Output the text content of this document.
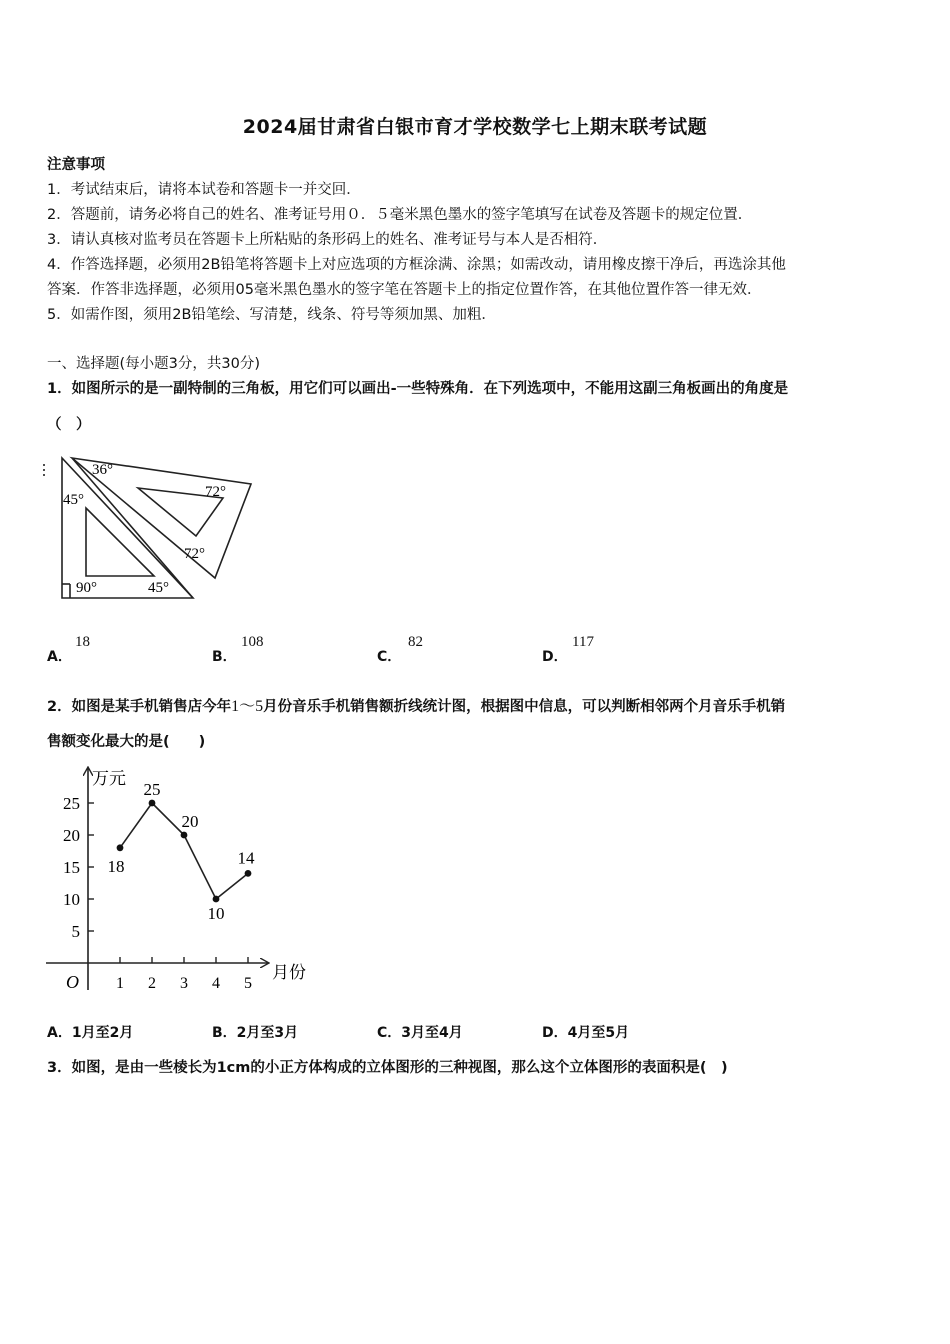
2024届甘肃省白银市育才学校数学七上期末联考试题
注意事项
1．考试结束后，请将本试卷和答题卡一并交回．
2．答题前，请务必将自己的姓名、准考证号用０．５毫米黑色墨水的签字笔填写在试卷及答题卡的规定位置．
3．请认真核对监考员在答题卡上所粘贴的条形码上的姓名、准考证号与本人是否相符．
4．作答选择题，必须用2B铅笔将答题卡上对应选项的方框涂满、涂黑；如需改动，请用橡皮擦干净后，再选涂其他
答案．作答非选择题，必须用05毫米黑色墨水的签字笔在答题卡上的指定位置作答，在其他位置作答一律无效．
5．如需作图，须用2B铅笔绘、写清楚，线条、符号等须加黑、加粗．
一、选择题(每小题3分，共30分)
1．如图所示的是一副特制的三角板，用它们可以画出-一些特殊角．在下列选项中，不能用这副三角板画出的角度是
（　）
36°
72°
45°
72°
90°	45°
A．
18
B．
108
C．
82
D．
117
2．如图是某手机销售店今年1～5月份音乐手机销售额折线统计图，根据图中信息，可以判断相邻两个月音乐手机销
售额变化最大的是(　　)
万元
月份
O
5
10
15
20
25
1 2 3 4 5
18
25
20
10
14
A．1月至2月	B．2月至3月	C．3月至4月	D．4月至5月
3．如图，是由一些棱长为1cm的小正方体构成的立体图形的三种视图，那么这个立体图形的表面积是(　)
